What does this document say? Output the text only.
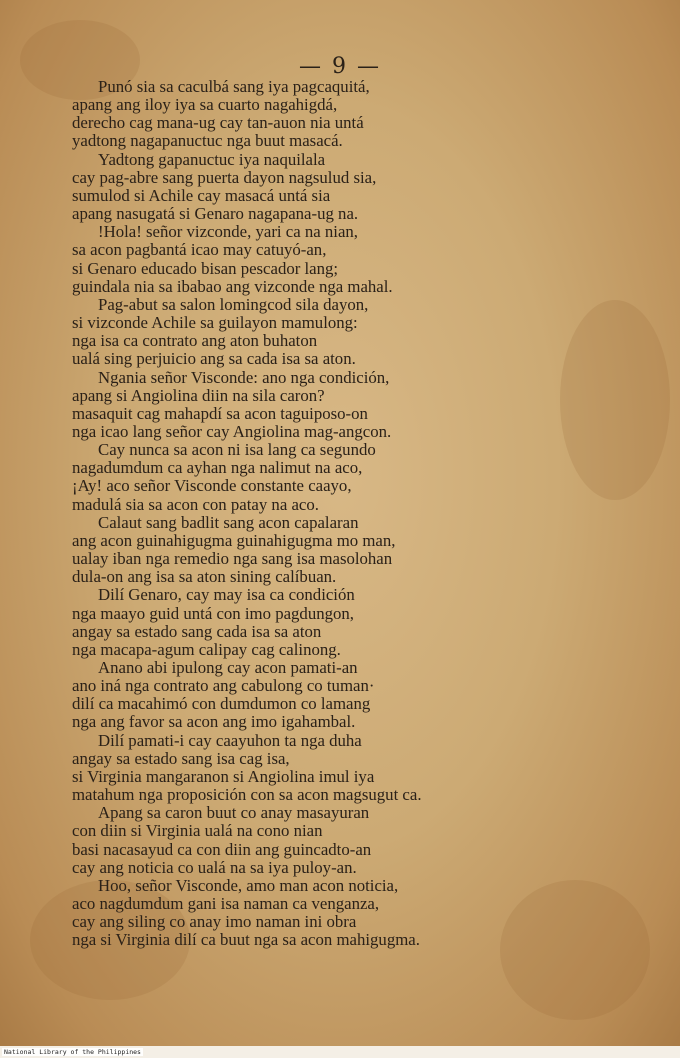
— 9 —
Punó sia sa caculbá sang iya pagcaquitá,
apang ang iloy iya sa cuarto nagahigdá,
derecho cag mana-ug cay tan-auon nia untá
yadtong nagapanuctuc nga buut masacá.
Yadtong gapanuctuc iya naquilala
cay pag-abre sang puerta dayon nagsulud sia,
sumulod si Achile cay masacá untá sia
apang nasugatá si Genaro nagapana-ug na.
!Hola! señor vizconde, yari ca na nian,
sa acon pagbantá icao may catuyó-an,
si Genaro educado bisan pescador lang;
guindala nia sa ibabao ang vizconde nga mahal.
Pag-abut sa salon lomingcod sila dayon,
si vizconde Achile sa guilayon mamulong:
nga isa ca contrato ang aton buhaton
ualá sing perjuicio ang sa cada isa sa aton.
Ngania señor Visconde: ano nga condición,
apang si Angiolina diin na sila caron?
masaquit cag mahapdí sa acon taguiposo-on
nga icao lang señor cay Angiolina mag-angcon.
Cay nunca sa acon ni isa lang ca segundo
nagadumdum ca ayhan nga nalimut na aco,
¡Ay! aco señor Visconde constante caayo,
madulá sia sa acon con patay na aco.
Calaut sang badlit sang acon capalaran
ang acon guinahigugma guinahigugma mo man,
ualay iban nga remedio nga sang isa masolohan
dula-on ang isa sa aton sining calíbuan.
Dilí Genaro, cay may isa ca condición
nga maayo guid untá con imo pagdungon,
angay sa estado sang cada isa sa aton
nga macapa-agum calipay cag calinong.
Anano abi ipulong cay acon pamati-an
ano iná nga contrato ang cabulong co tuman·
dilí ca macahimó con dumdumon co lamang
nga ang favor sa acon ang imo igahambal.
Dilí pamati-i cay caayuhon ta nga duha
angay sa estado sang isa cag isa,
si Virginia mangaranon si Angiolina imul iya
matahum nga proposición con sa acon magsugut ca.
Apang sa caron buut co anay masayuran
con diin si Virginia ualá na cono nian
basi nacasayud ca con diin ang guincadto-an
cay ang noticia co ualá na sa iya puloy-an.
Hoo, señor Visconde, amo man acon noticia,
aco nagdumdum gani isa naman ca venganza,
cay ang siling co anay imo naman ini obra
nga si Virginia dilí ca buut nga sa acon mahigugma.
National Library of the Philippines
